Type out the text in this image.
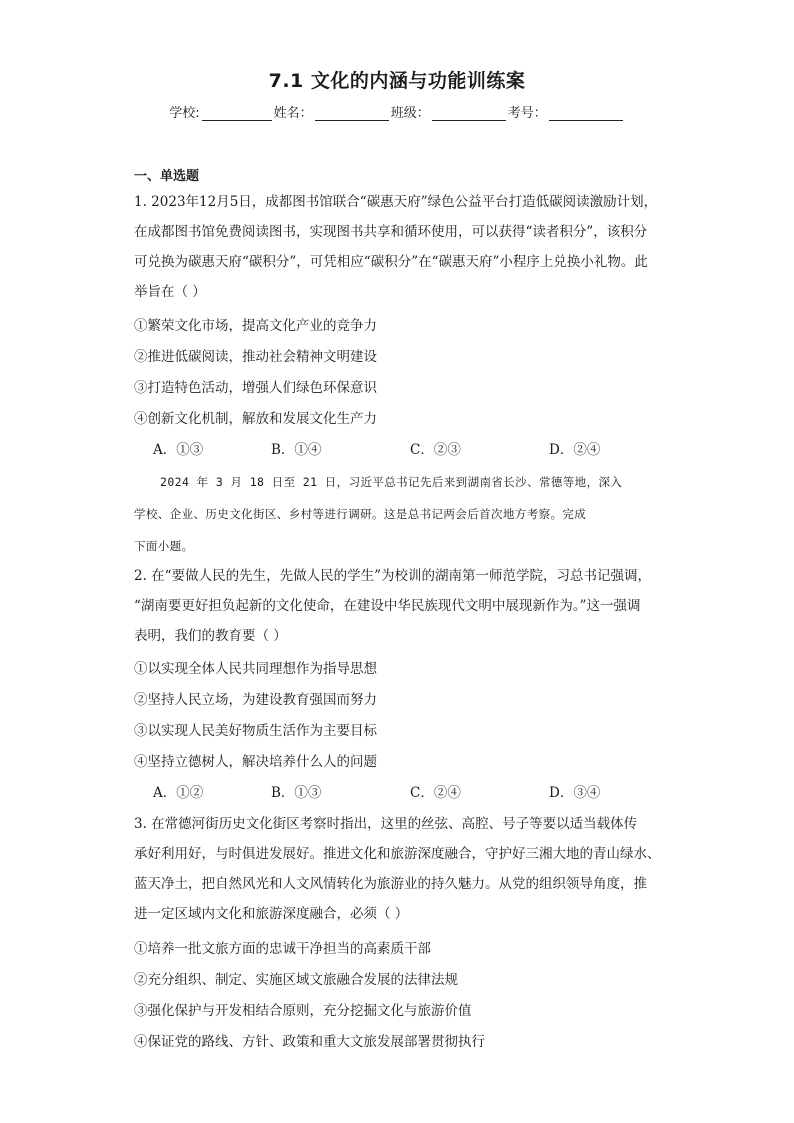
7.1 文化的内涵与功能训练案
学校:	姓名：	班级：	考号：
一、单选题
1. 2023年12月5日，成都图书馆联合“碳惠天府”绿色公益平台打造低碳阅读激励计划，
在成都图书馆免费阅读图书，实现图书共享和循环使用，可以获得“读者积分”，该积分
可兑换为碳惠天府“碳积分”，可凭相应“碳积分”在“碳惠天府”小程序上兑换小礼物。此
举旨在（ ）
①繁荣文化市场，提高文化产业的竞争力
②推进低碳阅读，推动社会精神文明建设
③打造特色活动，增强人们绿色环保意识
④创新文化机制，解放和发展文化生产力
A．①③	B．①④	C．②③	D．②④
2024 年 3 月 18 日至 21 日，习近平总书记先后来到湖南省长沙、常德等地，深入
学校、企业、历史文化街区、乡村等进行调研。这是总书记两会后首次地方考察。完成
下面小题。
2. 在“要做人民的先生，先做人民的学生”为校训的湖南第一师范学院，习总书记强调，
“湖南要更好担负起新的文化使命，在建设中华民族现代文明中展现新作为。”这一强调
表明，我们的教育要（ ）
①以实现全体人民共同理想作为指导思想
②坚持人民立场，为建设教育强国而努力
③以实现人民美好物质生活作为主要目标
④坚持立德树人，解决培养什么人的问题
A．①②	B．①③	C．②④	D．③④
3. 在常德河街历史文化街区考察时指出，这里的丝弦、高腔、号子等要以适当载体传
承好利用好，与时俱进发展好。推进文化和旅游深度融合，守护好三湘大地的青山绿水、
蓝天净土，把自然风光和人文风情转化为旅游业的持久魅力。从党的组织领导角度，推
进一定区域内文化和旅游深度融合，必须（ ）
①培养一批文旅方面的忠诚干净担当的高素质干部
②充分组织、制定、实施区域文旅融合发展的法律法规
③强化保护与开发相结合原则，充分挖掘文化与旅游价值
④保证党的路线、方针、政策和重大文旅发展部署贯彻执行
